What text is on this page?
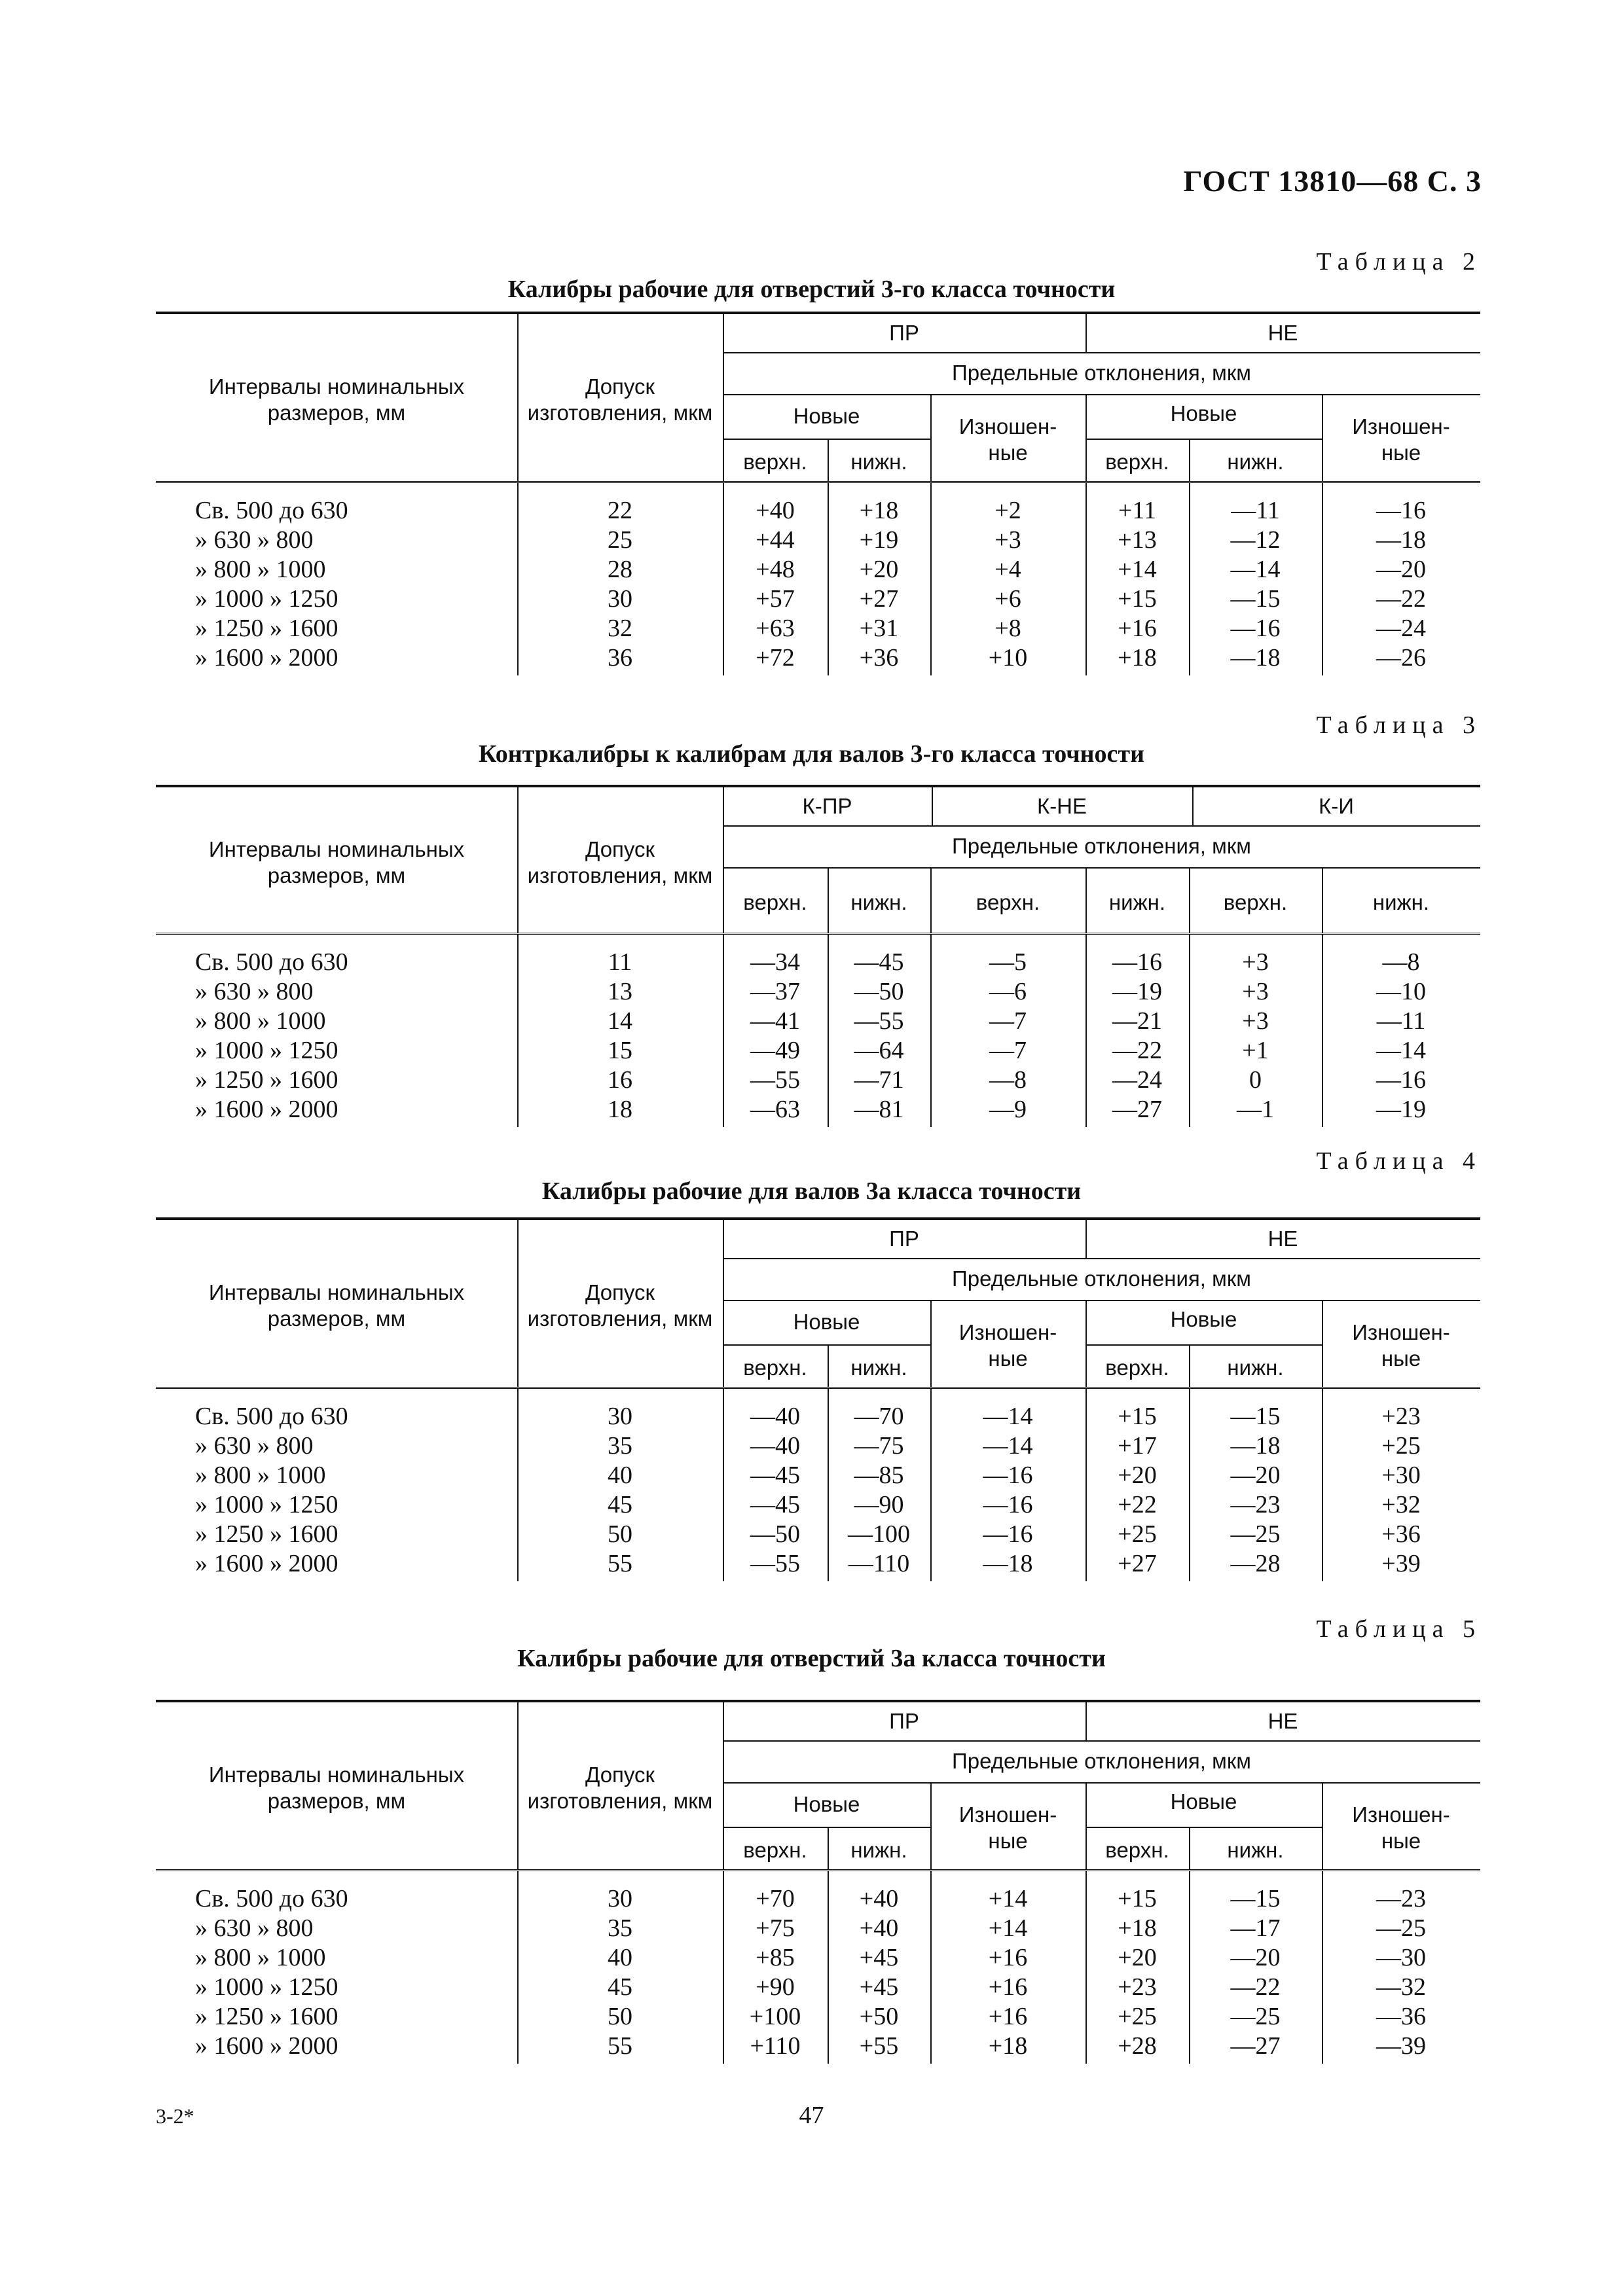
ГОСТ 13810—68 С. 3
Таблица 2
Калибры рабочие для отверстий 3-го класса точности
Интервалы номинальных размеров, мм
Допуск изготовления, мкм
Предельные отклонения, мкм
ПР	НЕ
Новые	Новые
Изношен-
ные
Изношен-
ные
верхн.	нижн.	верхн.	нижн.
Св. 500 до 630	22	+40	+18	+2	+11	—11	—16
» 630 » 800	25	+44	+19	+3	+13	—12	—18
» 800 » 1000	28	+48	+20	+4	+14	—14	—20
» 1000 » 1250	30	+57	+27	+6	+15	—15	—22
» 1250 » 1600	32	+63	+31	+8	+16	—16	—24
» 1600 » 2000	36	+72	+36	+10	+18	—18	—26
Таблица 3
Контркалибры к калибрам для валов 3-го класса точности
Интервалы номинальных размеров, мм
Допуск изготовления, мкм
Предельные отклонения, мкм
К-ПР	К-НЕ	К-И
верхн.	нижн.	верхн.	нижн.	верхн.	нижн.
Св. 500 до 630	11	—34	—45	—5	—16	+3	—8
» 630 » 800	13	—37	—50	—6	—19	+3	—10
» 800 » 1000	14	—41	—55	—7	—21	+3	—11
» 1000 » 1250	15	—49	—64	—7	—22	+1	—14
» 1250 » 1600	16	—55	—71	—8	—24	0	—16
» 1600 » 2000	18	—63	—81	—9	—27	—1	—19
Таблица 4
Калибры рабочие для валов 3а класса точности
Интервалы номинальных размеров, мм
Допуск изготовления, мкм
Предельные отклонения, мкм
ПР	НЕ
Новые	Новые
Изношен-
ные
Изношен-
ные
верхн.	нижн.	верхн.	нижн.
Св. 500 до 630	30	—40	—70	—14	+15	—15	+23
» 630 » 800	35	—40	—75	—14	+17	—18	+25
» 800 » 1000	40	—45	—85	—16	+20	—20	+30
» 1000 » 1250	45	—45	—90	—16	+22	—23	+32
» 1250 » 1600	50	—50	—100	—16	+25	—25	+36
» 1600 » 2000	55	—55	—110	—18	+27	—28	+39
Таблица 5
Калибры рабочие для отверстий 3а класса точности
Интервалы номинальных размеров, мм
Допуск изготовления, мкм
Предельные отклонения, мкм
ПР	НЕ
Новые	Новые
Изношен-
ные
Изношен-
ные
верхн.	нижн.	верхн.	нижн.
Св. 500 до 630	30	+70	+40	+14	+15	—15	—23
» 630 » 800	35	+75	+40	+14	+18	—17	—25
» 800 » 1000	40	+85	+45	+16	+20	—20	—30
» 1000 » 1250	45	+90	+45	+16	+23	—22	—32
» 1250 » 1600	50	+100	+50	+16	+25	—25	—36
» 1600 » 2000	55	+110	+55	+18	+28	—27	—39
3-2*	47
